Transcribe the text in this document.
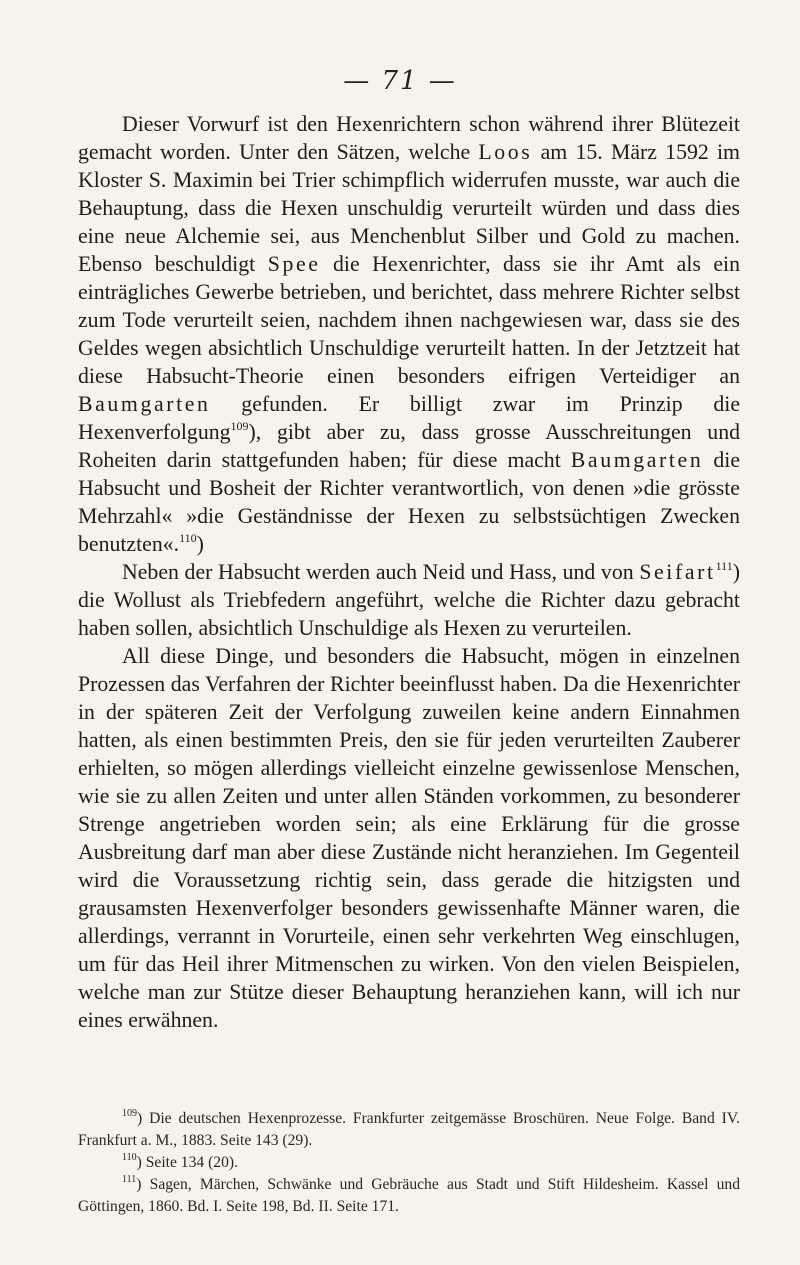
— 71 —

Dieser Vorwurf ist den Hexenrichtern schon während ihrer Blütezeit gemacht worden. Unter den Sätzen, welche Loos am 15. März 1592 im Kloster S. Maximin bei Trier schimpflich widerrufen musste, war auch die Behauptung, dass die Hexen unschuldig verurteilt würden und dass dies eine neue Alchemie sei, aus Menchenblut Silber und Gold zu machen. Ebenso beschuldigt Spee die Hexenrichter, dass sie ihr Amt als ein einträgliches Gewerbe betrieben, und berichtet, dass mehrere Richter selbst zum Tode verurteilt seien, nachdem ihnen nachgewiesen war, dass sie des Geldes wegen absichtlich Unschuldige verurteilt hatten. In der Jetztzeit hat diese Habsucht-Theorie einen besonders eifrigen Verteidiger an Baumgarten gefunden. Er billigt zwar im Prinzip die Hexenverfolgung$^{109}$), gibt aber zu, dass grosse Ausschreitungen und Roheiten darin stattgefunden haben; für diese macht Baumgarten die Habsucht und Bosheit der Richter verantwortlich, von denen »die grösste Mehrzahl« »die Geständnisse der Hexen zu selbstsüchtigen Zwecken benutzten«.$^{110}$)

Neben der Habsucht werden auch Neid und Hass, und von Seifart$^{111}$) die Wollust als Triebfedern angeführt, welche die Richter dazu gebracht haben sollen, absichtlich Unschuldige als Hexen zu verurteilen.

All diese Dinge, und besonders die Habsucht, mögen in einzelnen Prozessen das Verfahren der Richter beeinflusst haben. Da die Hexenrichter in der späteren Zeit der Verfolgung zuweilen keine andern Einnahmen hatten, als einen bestimmten Preis, den sie für jeden verurteilten Zauberer erhielten, so mögen allerdings vielleicht einzelne gewissenlose Menschen, wie sie zu allen Zeiten und unter allen Ständen vorkommen, zu besonderer Strenge angetrieben worden sein; als eine Erklärung für die grosse Ausbreitung darf man aber diese Zustände nicht heranziehen. Im Gegenteil wird die Voraussetzung richtig sein, dass gerade die hitzigsten und grausamsten Hexenverfolger besonders gewissenhafte Männer waren, die allerdings, verrannt in Vorurteile, einen sehr verkehrten Weg einschlugen, um für das Heil ihrer Mitmenschen zu wirken. Von den vielen Beispielen, welche man zur Stütze dieser Behauptung heranziehen kann, will ich nur eines erwähnen.

$^{109}$) Die deutschen Hexenprozesse. Frankfurter zeitgemässe Broschüren. Neue Folge. Band IV. Frankfurt a. M., 1883. Seite 143 (29).

$^{110}$) Seite 134 (20).

$^{111}$) Sagen, Märchen, Schwänke und Gebräuche aus Stadt und Stift Hildesheim. Kassel und Göttingen, 1860. Bd. I. Seite 198, Bd. II. Seite 171.
